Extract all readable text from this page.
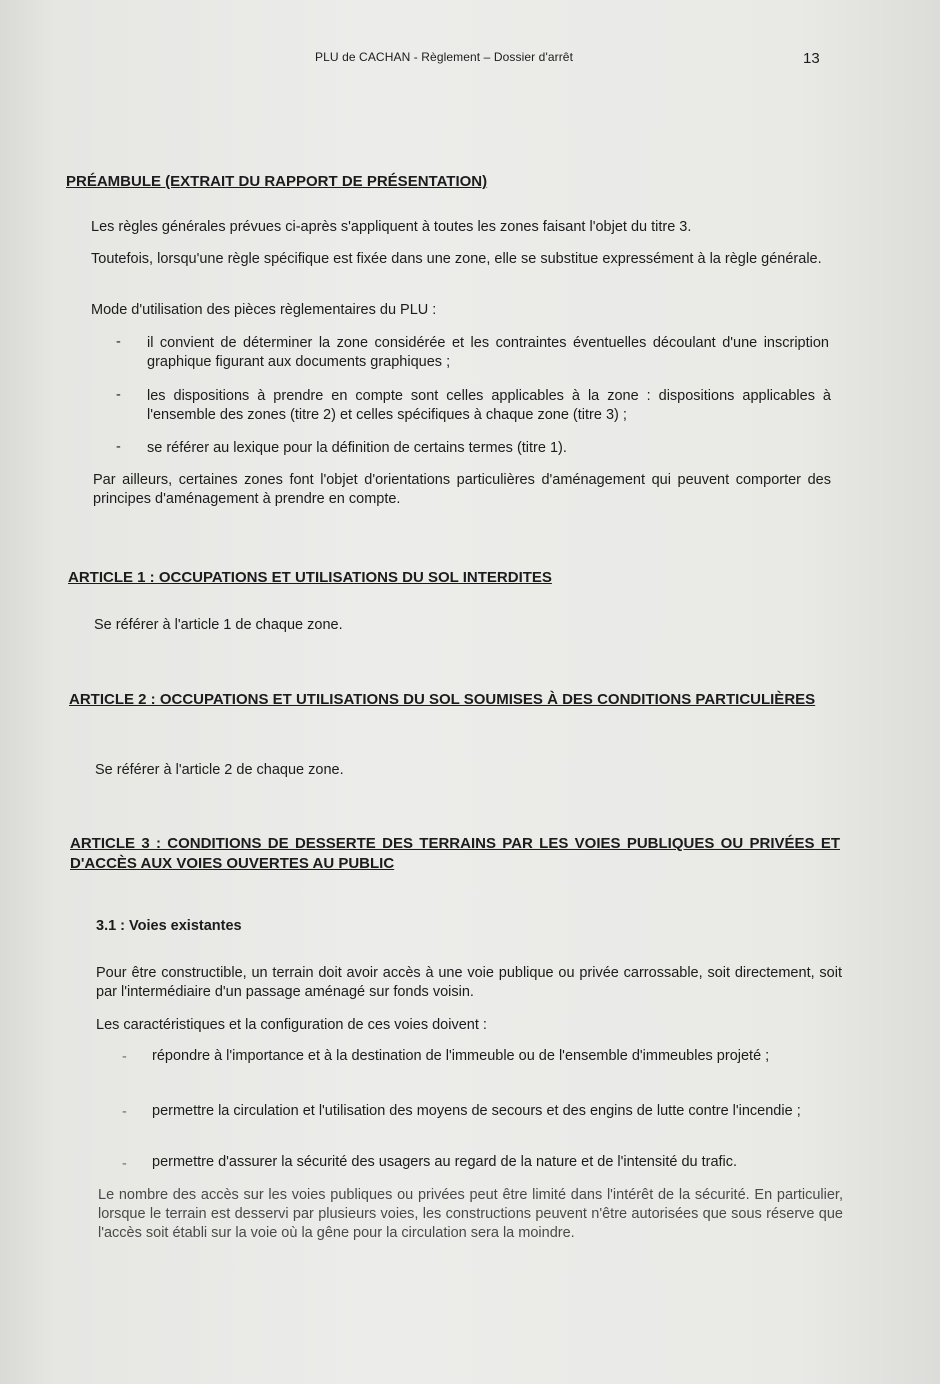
PLU de CACHAN - Règlement – Dossier d'arrêt	13
PRÉAMBULE (EXTRAIT DU RAPPORT DE PRÉSENTATION)
Les règles générales prévues ci-après s'appliquent à toutes les zones faisant l'objet du titre 3.
Toutefois, lorsqu'une règle spécifique est fixée dans une zone, elle se substitue expressément à la règle générale.
Mode d'utilisation des pièces règlementaires du PLU :
- il convient de déterminer la zone considérée et les contraintes éventuelles découlant d'une inscription graphique figurant aux documents graphiques ;
- les dispositions à prendre en compte sont celles applicables à la zone : dispositions applicables à l'ensemble des zones (titre 2) et celles spécifiques à chaque zone (titre 3) ;
- se référer au lexique pour la définition de certains termes (titre 1).
Par ailleurs, certaines zones font l'objet d'orientations particulières d'aménagement qui peuvent comporter des principes d'aménagement à prendre en compte.
ARTICLE 1 : OCCUPATIONS ET UTILISATIONS DU SOL INTERDITES
Se référer à l'article 1 de chaque zone.
ARTICLE 2 : OCCUPATIONS ET UTILISATIONS DU SOL SOUMISES À DES CONDITIONS PARTICULIÈRES
Se référer à l'article 2 de chaque zone.
ARTICLE 3 : CONDITIONS DE DESSERTE DES TERRAINS PAR LES VOIES PUBLIQUES OU PRIVÉES ET D'ACCÈS AUX VOIES OUVERTES AU PUBLIC
3.1 : Voies existantes
Pour être constructible, un terrain doit avoir accès à une voie publique ou privée carrossable, soit directement, soit par l'intermédiaire d'un passage aménagé sur fonds voisin.
Les caractéristiques et la configuration de ces voies doivent :
- répondre à l'importance et à la destination de l'immeuble ou de l'ensemble d'immeubles projeté ;
- permettre la circulation et l'utilisation des moyens de secours et des engins de lutte contre l'incendie ;
- permettre d'assurer la sécurité des usagers au regard de la nature et de l'intensité du trafic.
Le nombre des accès sur les voies publiques ou privées peut être limité dans l'intérêt de la sécurité. En particulier, lorsque le terrain est desservi par plusieurs voies, les constructions peuvent n'être autorisées que sous réserve que l'accès soit établi sur la voie où la gêne pour la circulation sera la moindre.
